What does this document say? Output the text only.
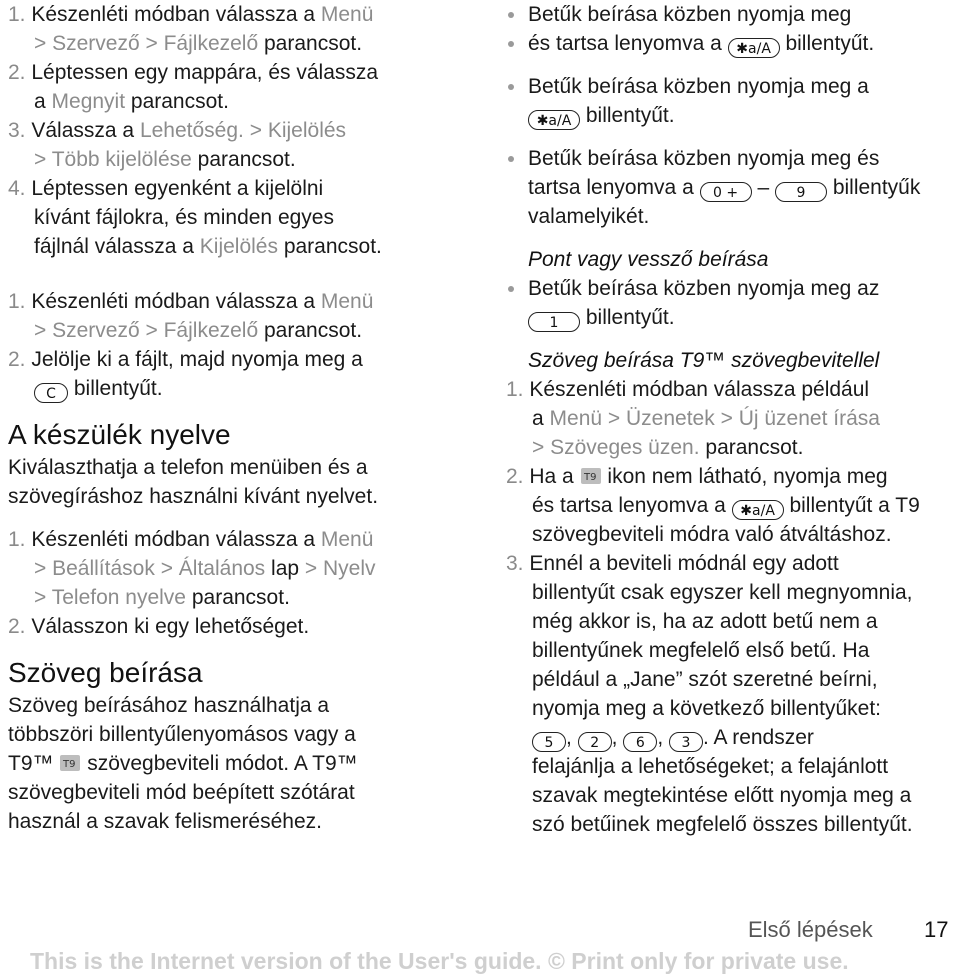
1. Készenléti módban válassza a Menü
> Szervező > Fájlkezelő parancsot.
2. Léptessen egy mappára, és válassza
a Megnyit parancsot.
3. Válassza a Lehetőség. > Kijelölés
> Több kijelölése parancsot.
4. Léptessen egyenként a kijelölni
kívánt fájlokra, és minden egyes
fájlnál válassza a Kijelölés parancsot.
1. Készenléti módban válassza a Menü
> Szervező > Fájlkezelő parancsot.
2. Jelölje ki a fájlt, majd nyomja meg a
C billentyűt.
A készülék nyelve
Kiválaszthatja a telefon menüiben és a
szövegíráshoz használni kívánt nyelvet.
1. Készenléti módban válassza a Menü
> Beállítások > Általános lap > Nyelv
> Telefon nyelve parancsot.
2. Válasszon ki egy lehetőséget.
Szöveg beírása
Szöveg beírásához használhatja a
többszöri billentyűlenyomásos vagy a
T9™ T9 szövegbeviteli módot. A T9™
szövegbeviteli mód beépített szótárat
használ a szavak felismeréséhez.
Betűk beírása közben nyomja meg
és tartsa lenyomva a ✱a/A billentyűt.
Betűk beírása közben nyomja meg a
✱a/A billentyűt.
Betűk beírása közben nyomja meg és
tartsa lenyomva a 0 + – 9 billentyűk
valamelyikét.
Pont vagy vessző beírása
Betűk beírása közben nyomja meg az
1 billentyűt.
Szöveg beírása T9™ szövegbevitellel
1. Készenléti módban válassza például
a Menü > Üzenetek > Új üzenet írása
> Szöveges üzen. parancsot.
2. Ha a T9 ikon nem látható, nyomja meg
és tartsa lenyomva a ✱a/A billentyűt a T9
szövegbeviteli módra való átváltáshoz.
3. Ennél a beviteli módnál egy adott
billentyűt csak egyszer kell megnyomnia,
még akkor is, ha az adott betű nem a
billentyűnek megfelelő első betű. Ha
például a „Jane” szót szeretné beírni,
nyomja meg a következő billentyűket:
5 , 2 , 6 , 3 . A rendszer
felajánlja a lehetőségeket; a felajánlott
szavak megtekintése előtt nyomja meg a
szó betűinek megfelelő összes billentyűt.
Első lépések 17
This is the Internet version of the User's guide. © Print only for private use.
